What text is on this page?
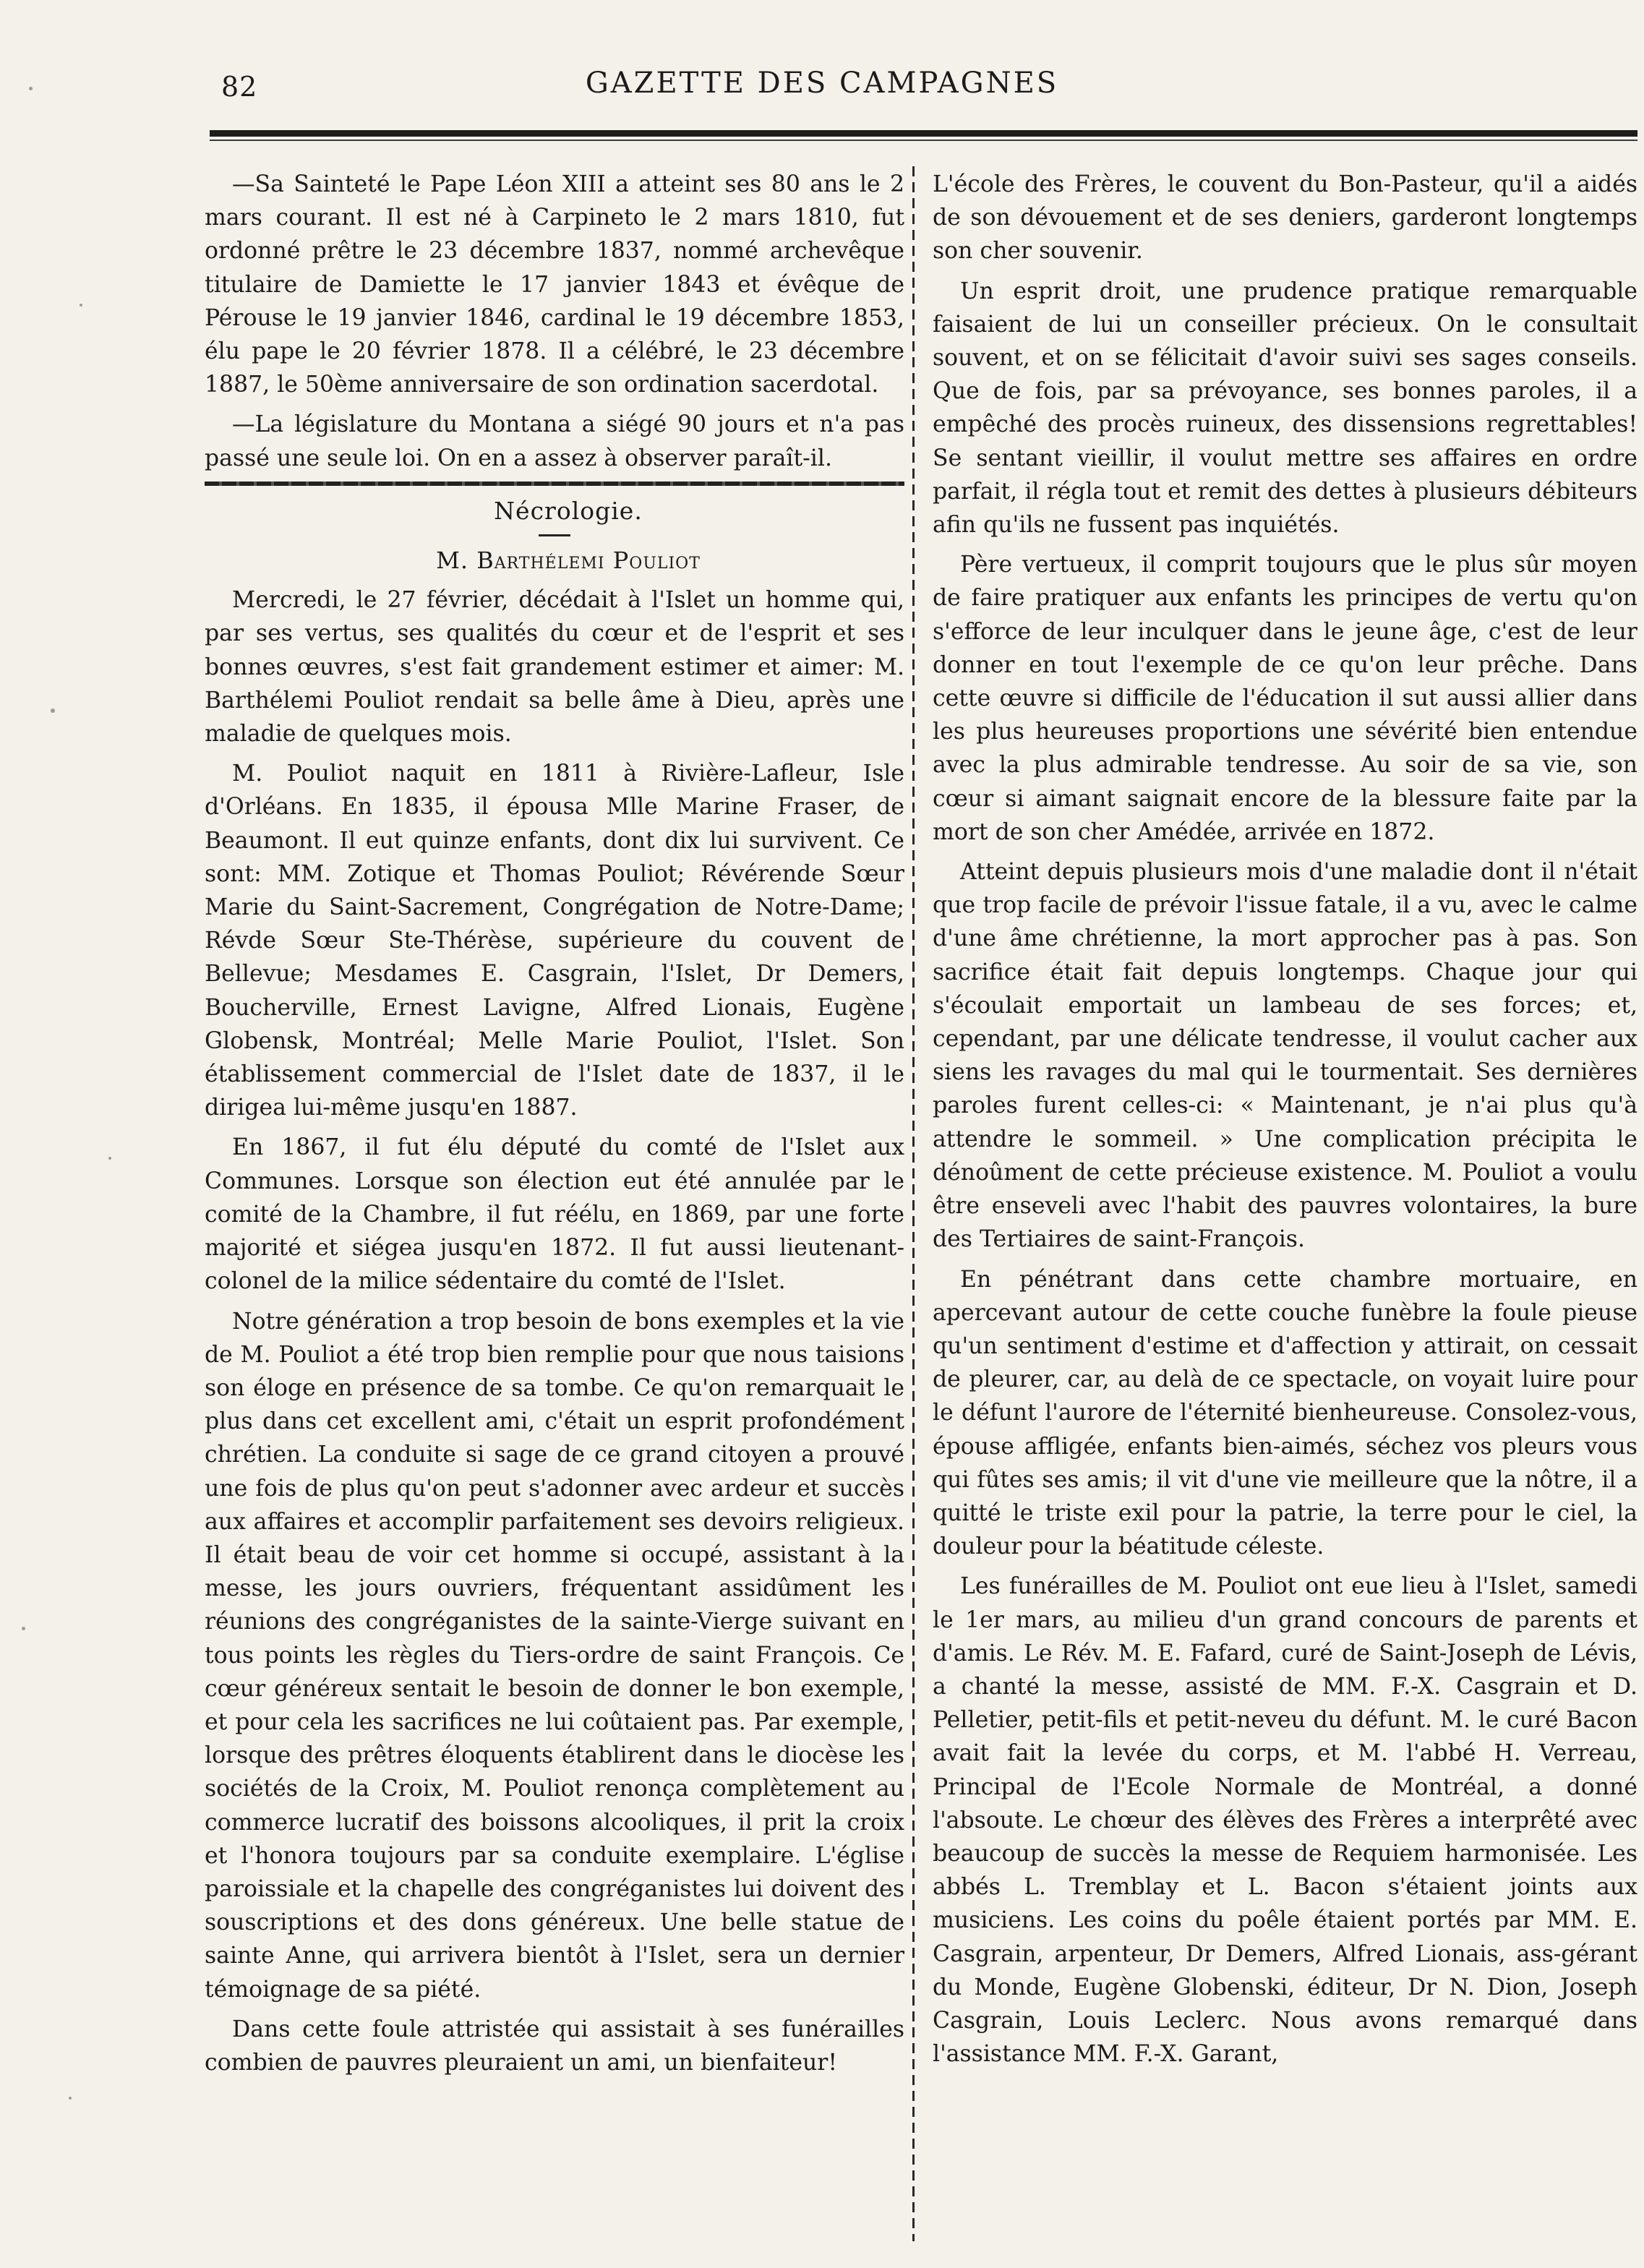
82	GAZETTE DES CAMPAGNES

—Sa Sainteté le Pape Léon XIII a atteint ses 80 ans le 2 mars courant. Il est né à Carpineto le 2 mars 1810, fut ordonné prêtre le 23 décembre 1837, nommé archevêque titulaire de Damiette le 17 janvier 1843 et évêque de Pérouse le 19 janvier 1846, cardinal le 19 décembre 1853, élu pape le 20 février 1878. Il a célébré, le 23 décembre 1887, le 50ème anniversaire de son ordination sacerdotal.

—La législature du Montana a siégé 90 jours et n'a pas passé une seule loi. On en a assez à observer paraît-il.

Nécrologie.

M. Barthélemi Pouliot

Mercredi, le 27 février, décédait à l'Islet un homme qui, par ses vertus, ses qualités du cœur et de l'esprit et ses bonnes œuvres, s'est fait grandement estimer et aimer: M. Barthélemi Pouliot rendait sa belle âme à Dieu, après une maladie de quelques mois.

M. Pouliot naquit en 1811 à Rivière-Lafleur, Isle d'Orléans. En 1835, il épousa Mlle Marine Fraser, de Beaumont. Il eut quinze enfants, dont dix lui survivent. Ce sont: MM. Zotique et Thomas Pouliot; Révérende Sœur Marie du Saint-Sacrement, Congrégation de Notre-Dame; Révde Sœur Ste-Thérèse, supérieure du couvent de Bellevue; Mesdames E. Casgrain, l'Islet, Dr Demers, Boucherville, Ernest Lavigne, Alfred Lionais, Eugène Globensk, Montréal; Melle Marie Pouliot, l'Islet. Son établissement commercial de l'Islet date de 1837, il le dirigea lui-même jusqu'en 1887.

En 1867, il fut élu député du comté de l'Islet aux Communes. Lorsque son élection eut été annulée par le comité de la Chambre, il fut réélu, en 1869, par une forte majorité et siégea jusqu'en 1872. Il fut aussi lieutenant-colonel de la milice sédentaire du comté de l'Islet.

Notre génération a trop besoin de bons exemples et la vie de M. Pouliot a été trop bien remplie pour que nous taisions son éloge en présence de sa tombe. Ce qu'on remarquait le plus dans cet excellent ami, c'était un esprit profondément chrétien. La conduite si sage de ce grand citoyen a prouvé une fois de plus qu'on peut s'adonner avec ardeur et succès aux affaires et accomplir parfaitement ses devoirs religieux. Il était beau de voir cet homme si occupé, assistant à la messe, les jours ouvriers, fréquentant assidûment les réunions des congréganistes de la sainte-Vierge suivant en tous points les règles du Tiers-ordre de saint François. Ce cœur généreux sentait le besoin de donner le bon exemple, et pour cela les sacrifices ne lui coûtaient pas. Par exemple, lorsque des prêtres éloquents établirent dans le diocèse les sociétés de la Croix, M. Pouliot renonça complètement au commerce lucratif des boissons alcooliques, il prit la croix et l'honora toujours par sa conduite exemplaire. L'église paroissiale et la chapelle des congréganistes lui doivent des souscriptions et des dons généreux. Une belle statue de sainte Anne, qui arrivera bientôt à l'Islet, sera un dernier témoignage de sa piété.

Dans cette foule attristée qui assistait à ses funérailles combien de pauvres pleuraient un ami, un bienfaiteur!

L'école des Frères, le couvent du Bon-Pasteur, qu'il a aidés de son dévouement et de ses deniers, garderont longtemps son cher souvenir.

Un esprit droit, une prudence pratique remarquable faisaient de lui un conseiller précieux. On le consultait souvent, et on se félicitait d'avoir suivi ses sages conseils. Que de fois, par sa prévoyance, ses bonnes paroles, il a empêché des procès ruineux, des dissensions regrettables! Se sentant vieillir, il voulut mettre ses affaires en ordre parfait, il régla tout et remit des dettes à plusieurs débiteurs afin qu'ils ne fussent pas inquiétés.

Père vertueux, il comprit toujours que le plus sûr moyen de faire pratiquer aux enfants les principes de vertu qu'on s'efforce de leur inculquer dans le jeune âge, c'est de leur donner en tout l'exemple de ce qu'on leur prêche. Dans cette œuvre si difficile de l'éducation il sut aussi allier dans les plus heureuses proportions une sévérité bien entendue avec la plus admirable tendresse. Au soir de sa vie, son cœur si aimant saignait encore de la blessure faite par la mort de son cher Amédée, arrivée en 1872.

Atteint depuis plusieurs mois d'une maladie dont il n'était que trop facile de prévoir l'issue fatale, il a vu, avec le calme d'une âme chrétienne, la mort approcher pas à pas. Son sacrifice était fait depuis longtemps. Chaque jour qui s'écoulait emportait un lambeau de ses forces; et, cependant, par une délicate tendresse, il voulut cacher aux siens les ravages du mal qui le tourmentait. Ses dernières paroles furent celles-ci: « Maintenant, je n'ai plus qu'à attendre le sommeil. » Une complication précipita le dénoûment de cette précieuse existence. M. Pouliot a voulu être enseveli avec l'habit des pauvres volontaires, la bure des Tertiaires de saint-François.

En pénétrant dans cette chambre mortuaire, en apercevant autour de cette couche funèbre la foule pieuse qu'un sentiment d'estime et d'affection y attirait, on cessait de pleurer, car, au delà de ce spectacle, on voyait luire pour le défunt l'aurore de l'éternité bienheureuse. Consolez-vous, épouse affligée, enfants bien-aimés, séchez vos pleurs vous qui fûtes ses amis; il vit d'une vie meilleure que la nôtre, il a quitté le triste exil pour la patrie, la terre pour le ciel, la douleur pour la béatitude céleste.

Les funérailles de M. Pouliot ont eue lieu à l'Islet, samedi le 1er mars, au milieu d'un grand concours de parents et d'amis. Le Rév. M. E. Fafard, curé de Saint-Joseph de Lévis, a chanté la messe, assisté de MM. F.-X. Casgrain et D. Pelletier, petit-fils et petit-neveu du défunt. M. le curé Bacon avait fait la levée du corps, et M. l'abbé H. Verreau, Principal de l'Ecole Normale de Montréal, a donné l'absoute. Le chœur des élèves des Frères a interprêté avec beaucoup de succès la messe de Requiem harmonisée. Les abbés L. Tremblay et L. Bacon s'étaient joints aux musiciens. Les coins du poêle étaient portés par MM. E. Casgrain, arpenteur, Dr Demers, Alfred Lionais, ass-gérant du Monde, Eugène Globenski, éditeur, Dr N. Dion, Joseph Casgrain, Louis Leclerc. Nous avons remarqué dans l'assistance MM. F.-X. Garant,
